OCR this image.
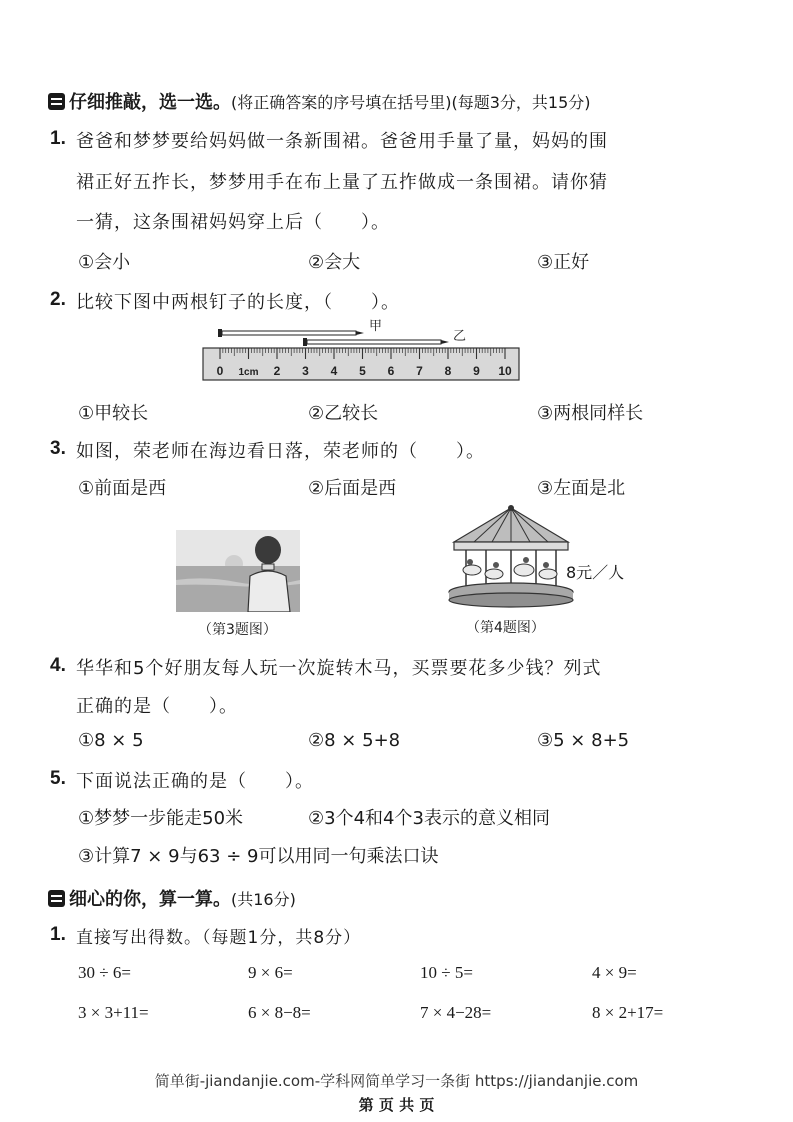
仔细推敲，选一选。(将正确答案的序号填在括号里)(每题3分，共15分)
1. 爸爸和梦梦要给妈妈做一条新围裙。爸爸用手量了量，妈妈的围
裙正好五拃长，梦梦用手在布上量了五拃做成一条围裙。请你猜
一猜，这条围裙妈妈穿上后（　　）。
①会小	②会大	③正好
2. 比较下图中两根钉子的长度，（　　）。
甲
乙
0 1cm 2 3 4 5 6 7 8 9 10
①甲较长	②乙较长	③两根同样长
3. 如图，荣老师在海边看日落，荣老师的（　　）。
①前面是西	②后面是西	③左面是北
（第3题图）
8元／人
（第4题图）
4. 华华和5个好朋友每人玩一次旋转木马，买票要花多少钱？列式
正确的是（　　）。
①8 × 5	②8 × 5+8	③5 × 8+5
5. 下面说法正确的是（　　）。
①梦梦一步能走50米	②3个4和4个3表示的意义相同
③计算7 × 9与63 ÷ 9可以用同一句乘法口诀
细心的你，算一算。(共16分)
1. 直接写出得数。（每题1分，共8分）
30 ÷ 6=	9 × 6=	10 ÷ 5=	4 × 9=
3 × 3+11=	6 × 8−8=	7 × 4−28=	8 × 2+17=
简单街-jiandanjie.com-学科网简单学习一条街 https://jiandanjie.com
第 页 共 页
